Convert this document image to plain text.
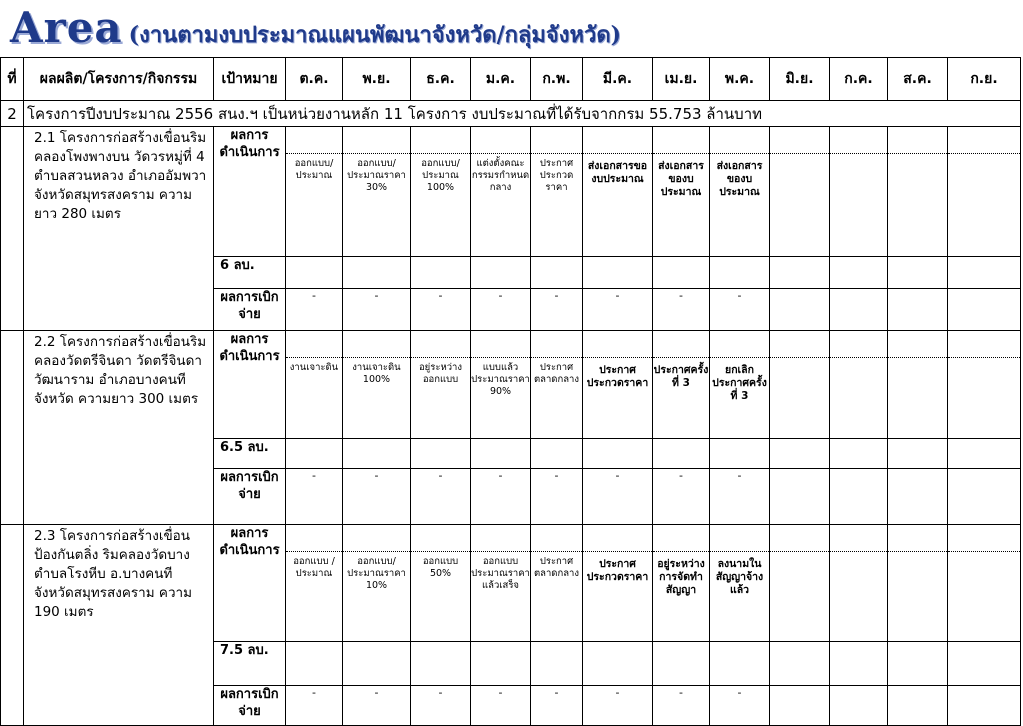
Area (งานตามงบประมาณแผนพัฒนาจังหวัด/กลุ่มจังหวัด)
ที่	ผลผลิต/โครงการ/กิจกรรม	เป้าหมาย	ต.ค.	พ.ย.	ธ.ค.	ม.ค.	ก.พ.	มี.ค.	เม.ย.	พ.ค.	มิ.ย.	ก.ค.	ส.ค.	ก.ย.
2	โครงการปีงบประมาณ 2556 สนง.ฯ เป็นหน่วยงานหลัก 11 โครงการ งบประมาณที่ได้รับจากกรม 55.753 ล้านบาท													
	2.1 โครงการก่อสร้างเขื่อนริมคลองโพงพางบน วัดวรหมู่ที่ 4 ตำบลสวนหลวง อำเภออัมพวา จังหวัดสมุทรสงคราม ความยาว 280 เมตร	ผลการดำเนินการ	ออกแบบ/ประมาณ	ออกแบบ/ประมาณราคา 30%	ออกแบบ/ประมาณ 100%	แต่งตั้งคณะกรรมรกำหนดกลาง	ประกาศประกวดราคา	ส่งเอกสารของบประมาณ	ส่งเอกสารของบประมาณ	ส่งเอกสารของบประมาณ				

		6 ลบ.												
		ผลการเบิกจ่าย	-	-	-	-	-	-	-	-				
	2.2 โครงการก่อสร้างเขื่อนริมคลองวัดตรีจินดา วัดตรีจินดาวัฒนาราม อำเภอบางคนที จังหวัด ความยาว 300 เมตร	ผลการดำเนินการ	งานเจาะดิน	งานเจาะดิน 100%	อยู่ระหว่างออกแบบ	แบบแล้ว ประมาณราคา 90%	ประกาศตลาดกลาง	ประกาศประกวดราคา	ประกาศครั้งที่ 3	ยกเลิกประกาศครั้งที่ 3				

		6.5 ลบ.												
		ผลการเบิกจ่าย	-	-	-	-	-	-	-	-				
	2.3 โครงการก่อสร้างเขื่อนป้องกันตลิ่ง ริมคลองวัดบางตำบลโรงหีบ อ.บางคนที จังหวัดสมุทรสงคราม ความ 190 เมตร	ผลการดำเนินการ	ออกแบบ /ประมาณ	ออกแบบ/ประมาณราคา 10%	ออกแบบ 50%	ออกแบบประมาณราคาแล้วเสร็จ	ประกาศตลาดกลาง	ประกาศประกวดราคา	อยู่ระหว่างการจัดทำสัญญา	ลงนามในสัญญาจ้างแล้ว				

		7.5 ลบ.												
		ผลการเบิกจ่าย	-	-	-	-	-	-	-	-				
